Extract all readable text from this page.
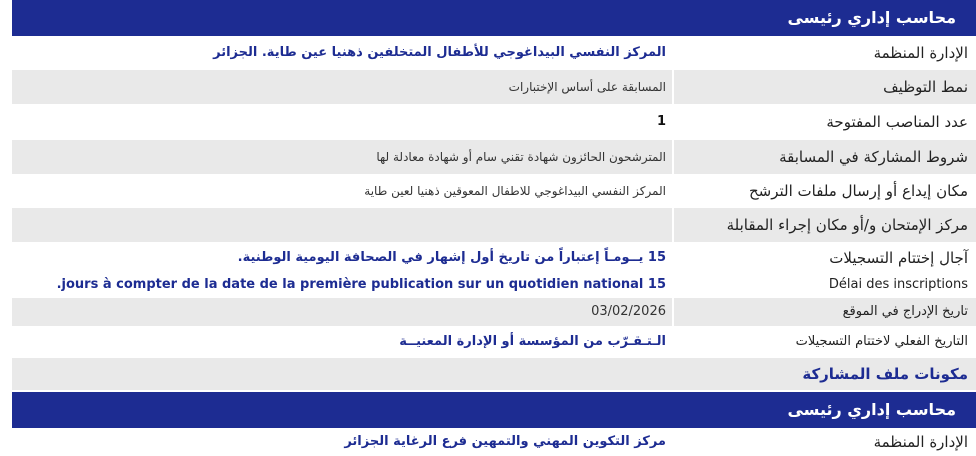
محاسب إداري رئيسى
الإدارة المنظمة
المركز النفسي البيداغوجي للأطفال المتخلفين ذهنيا عين طاية. الجزائر
نمط التوظيف
المسابقة على أساس الإختبارات
عدد المناصب المفتوحة
1
شروط المشاركة في المسابقة
المترشحون الحائزون شهادة تقني سام أو شهادة معادلة لها
مكان إيداع أو إرسال ملفات الترشح
المركز النفسي البيداغوجي للاطفال المعوقين ذهنيا لعين طاية
مركز الإمتحان و/أو مكان إجراء المقابلة
آجال إختتام التسجيلات
Délai des inscriptions
15 يــومـاً إعتباراً من تاريخ أول إشهار في الصحافة اليومية الوطنية.
jours à compter de la date de la première publication sur un quotidien national 15.
تاريخ الإدراج في الموقع
03/02/2026
التاريخ الفعلي لاختتام التسجيلات
الـتـقـرّب من المؤسسة أو الإدارة المعنيــة
مكونات ملف المشاركة
محاسب إداري رئيسى
الإدارة المنظمة
مركز التكوين المهني والتمهين فرع الرغاية الجزائر
